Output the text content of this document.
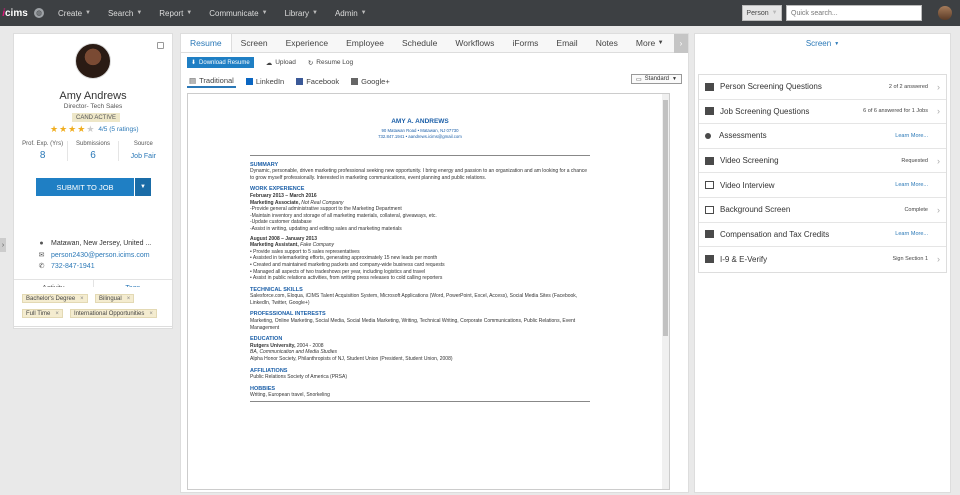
i cims	◍ Create ▼ Search ▼ Report ▼ Communicate ▼ Library ▼ Admin ▼	Person ▼	Quick search...
›
Amy Andrews
Director- Tech Sales
CAND ACTIVE
★ ★ ★ ★ ★ 4/5 (5 ratings)
Prof. Exp. (Yrs)
8
Submissions
6
Source
Job Fair
SUBMIT TO JOB	▼
● Matawan, New Jersey, United ...
✉ person2430@person.icims.com
✆ 732-847-1941
Bachelor's Degree ×	Bilingual ×
Full Time ×	International Opportunities ×
Resume	Screen	Experience	Employee	Schedule	Workflows	iForms	Email	Notes	More
▼	›
⬇ Download Resume ☁ Upload ↻ Resume Log
▤ Traditional	LinkedIn	Facebook	Google+	▭ Standard ▼
AMY A. ANDREWS
90 Matawan Road • Matawan, NJ 07730
732.847.1941 • aandrews.icims@gmail.com
SUMMARY
Dynamic, personable, driven marketing professional seeking new opportunity. I bring energy and passion to an organization and am looking for a chance to grow myself professionally. Interested in marketing communications, event planning and public relations.
WORK EXPERIENCE
February 2013 – March 2016
Marketing Associate, Not Real Company
-Provide general administrative support to the Marketing Department
-Maintain inventory and storage of all marketing materials, collateral, giveaways, etc.
-Update customer database
-Assist in writing, updating and editing sales and marketing materials
August 2008 – January 2013
Marketing Assistant, Fake Company
• Provide sales support to 5 sales representatives
• Assisted in telemarketing efforts, generating approximately 15 new leads per month
• Created and maintained marketing packets and company-wide business card requests
• Managed all aspects of two tradeshows per year, including logistics and travel
• Assist in public relations activities, from writing press releases to cold calling reporters
TECHNICAL SKILLS
Salesforce.com, Eloqua, iCIMS Talent Acquisition System, Microsoft Applications (Word, PowerPoint, Excel, Access), Social Media Sites (Facebook, LinkedIn, Twitter, Google+)
PROFESSIONAL INTERESTS
Marketing, Online Marketing, Social Media, Social Media Marketing, Writing, Technical Writing, Corporate Communications, Public Relations, Event Management
EDUCATION
Rutgers University, 2004 - 2008
BA, Communication and Media Studies
Alpha Honor Society, Philanthropists of NJ, Student Union (President, Student Union, 2008)
AFFILIATIONS
Public Relations Society of America (PRSA)
HOBBIES
Writing, European travel, Snorkeling
Screen ▼
Person Screening Questions	2 of 2 answered ›
Job Screening Questions	6 of 6 answered for 1 Jobs ›
Assessments	Learn More...
Video Screening	Requested ›
Video Interview	Learn More...
Background Screen	Complete ›
Compensation and Tax Credits	Learn More...
I-9 & E-Verify	Sign Section 1 ›
